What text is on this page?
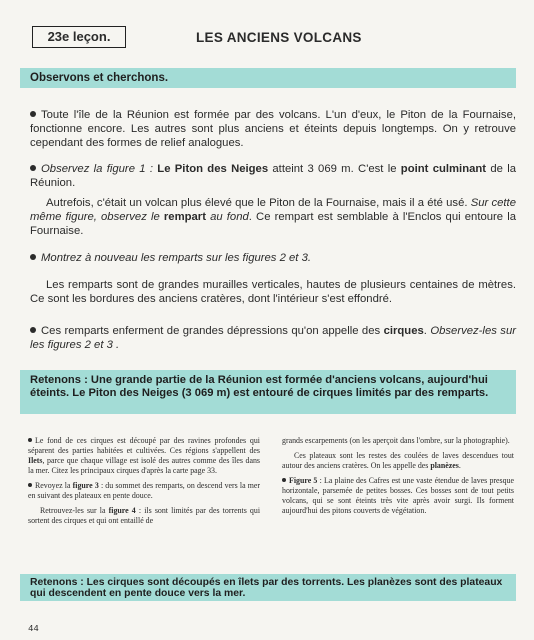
23e leçon.	LES ANCIENS VOLCANS
Observons et cherchons.
Toute l'île de la Réunion est formée par des volcans. L'un d'eux, le Piton de la Fournaise, fonctionne encore. Les autres sont plus anciens et éteints depuis longtemps. On y retrouve cependant des formes de relief analogues.
Observez la figure 1 : Le Piton des Neiges atteint 3 069 m. C'est le point culminant de la Réunion.
Autrefois, c'était un volcan plus élevé que le Piton de la Fournaise, mais il a été usé. Sur cette même figure, observez le rempart au fond. Ce rempart est semblable à l'Enclos qui entoure la Fournaise.
Montrez à nouveau les remparts sur les figures 2 et 3.
Les remparts sont de grandes murailles verticales, hautes de plusieurs centaines de mètres. Ce sont les bordures des anciens cratères, dont l'intérieur s'est effondré.
Ces remparts enferment de grandes dépressions qu'on appelle des cirques. Observez-les sur les figures 2 et 3 .
Retenons : Une grande partie de la Réunion est formée d'anciens volcans, aujourd'hui éteints. Le Piton des Neiges (3 069 m) est entouré de cirques limités par des remparts.
Le fond de ces cirques est découpé par des ravines profondes qui séparent des parties habitées et cultivées. Ces régions s'appellent des Ilets, parce que chaque village est isolé des autres comme des îles dans la mer. Citez les principaux cirques d'après la carte page 33.
Revoyez la figure 3 : du sommet des remparts, on descend vers la mer en suivant des plateaux en pente douce.
Retrouvez-les sur la figure 4 : ils sont limités par des torrents qui sortent des cirques et qui ont entaillé de
grands escarpements (on les aperçoit dans l'ombre, sur la photographie).
Ces plateaux sont les restes des coulées de laves descendues tout autour des anciens cratères. On les appelle des planèzes.
Figure 5 : La plaine des Cafres est une vaste étendue de laves presque horizontale, parsemée de petites bosses. Ces bosses sont de tout petits volcans, qui se sont éteints très vite après avoir surgi. Ils forment aujourd'hui des pitons couverts de végétation.
Retenons : Les cirques sont découpés en îlets par des torrents. Les planèzes sont des plateaux qui descendent en pente douce vers la mer.
44
